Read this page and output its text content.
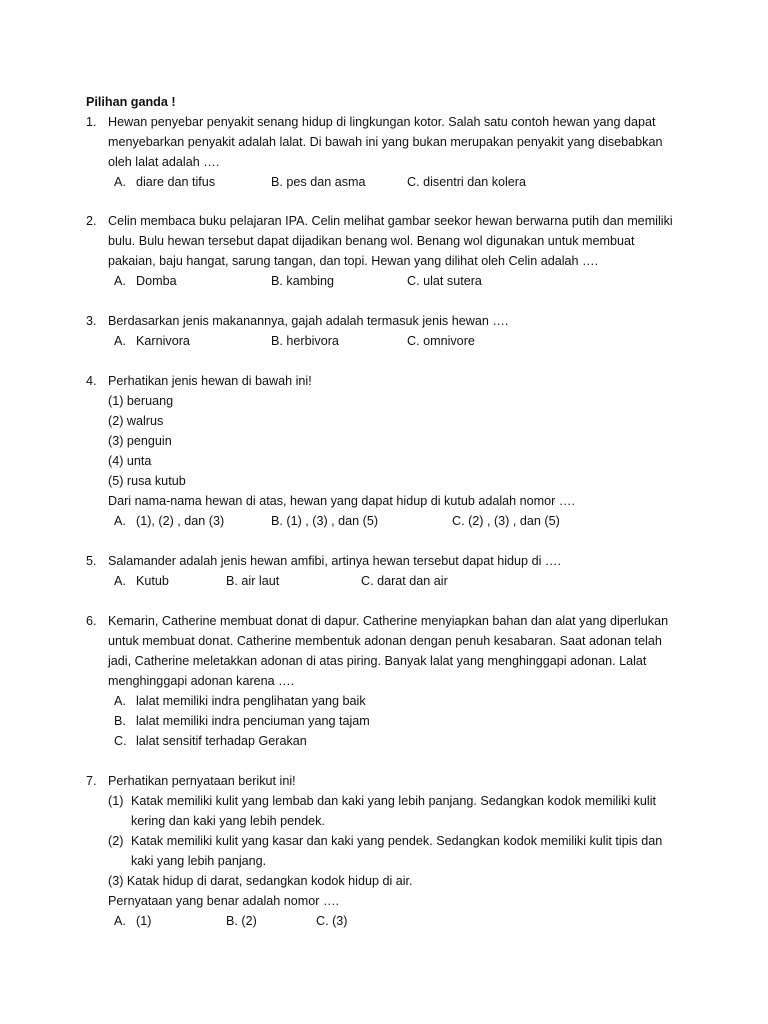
Pilihan ganda !
1. Hewan penyebar penyakit senang hidup di lingkungan kotor. Salah satu contoh hewan yang dapat
menyebarkan penyakit adalah lalat. Di bawah ini yang bukan merupakan penyakit yang disebabkan
oleh lalat adalah ….
A. diare dan tifus	B. pes dan asma	C. disentri dan kolera
2. Celin membaca buku pelajaran IPA. Celin melihat gambar seekor hewan berwarna putih dan memiliki
bulu. Bulu hewan tersebut dapat dijadikan benang wol. Benang wol digunakan untuk membuat
pakaian, baju hangat, sarung tangan, dan topi. Hewan yang dilihat oleh Celin adalah ….
A. Domba	B. kambing	C. ulat sutera
3. Berdasarkan jenis makanannya, gajah adalah termasuk jenis hewan ….
A. Karnivora	B. herbivora	C. omnivore
4. Perhatikan jenis hewan di bawah ini!
(1) beruang
(2) walrus
(3) penguin
(4) unta
(5) rusa kutub
Dari nama-nama hewan di atas, hewan yang dapat hidup di kutub adalah nomor ….
A. (1), (2) , dan (3)	B. (1) , (3) , dan (5)	C. (2) , (3) , dan (5)
5. Salamander adalah jenis hewan amfibi, artinya hewan tersebut dapat hidup di ….
A. Kutub	B. air laut	C. darat dan air
6. Kemarin, Catherine membuat donat di dapur. Catherine menyiapkan bahan dan alat yang diperlukan
untuk membuat donat. Catherine membentuk adonan dengan penuh kesabaran. Saat adonan telah
jadi, Catherine meletakkan adonan di atas piring. Banyak lalat yang menghinggapi adonan. Lalat
menghinggapi adonan karena ….
A. lalat memiliki indra penglihatan yang baik
B. lalat memiliki indra penciuman yang tajam
C. lalat sensitif terhadap Gerakan
7. Perhatikan pernyataan berikut ini!
(1) Katak memiliki kulit yang lembab dan kaki yang lebih panjang. Sedangkan kodok memiliki kulit
kering dan kaki yang lebih pendek.
(2) Katak memiliki kulit yang kasar dan kaki yang pendek. Sedangkan kodok memiliki kulit tipis dan
kaki yang lebih panjang.
(3) Katak hidup di darat, sedangkan kodok hidup di air.
Pernyataan yang benar adalah nomor ….
A. (1)	B. (2)	C. (3)
